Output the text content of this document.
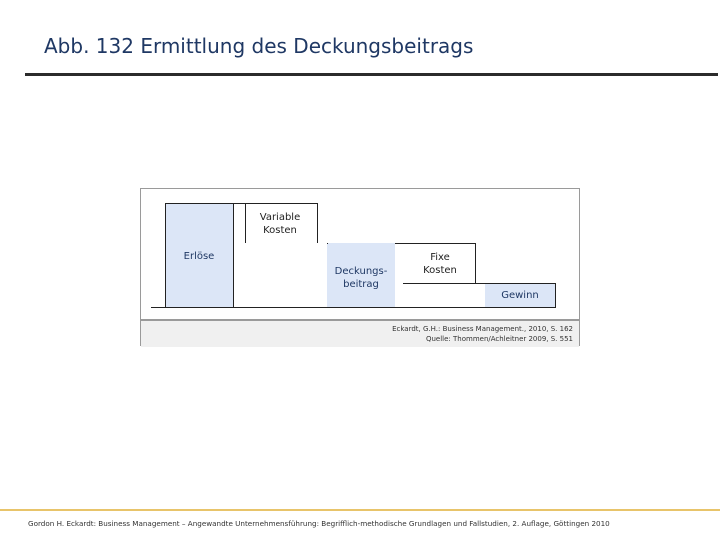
Abb. 132 Ermittlung des Deckungsbeitrags
Erlöse
Variable
Kosten
Deckungs-
beitrag
Fixe
Kosten
Gewinn
Eckardt, G.H.: Business Management., 2010, S. 162
Quelle: Thommen/Achleitner 2009, S. 551
Gordon H. Eckardt: Business Management – Angewandte Unternehmensführung: Begrifflich-methodische Grundlagen und Fallstudien, 2. Auflage, Göttingen 2010
